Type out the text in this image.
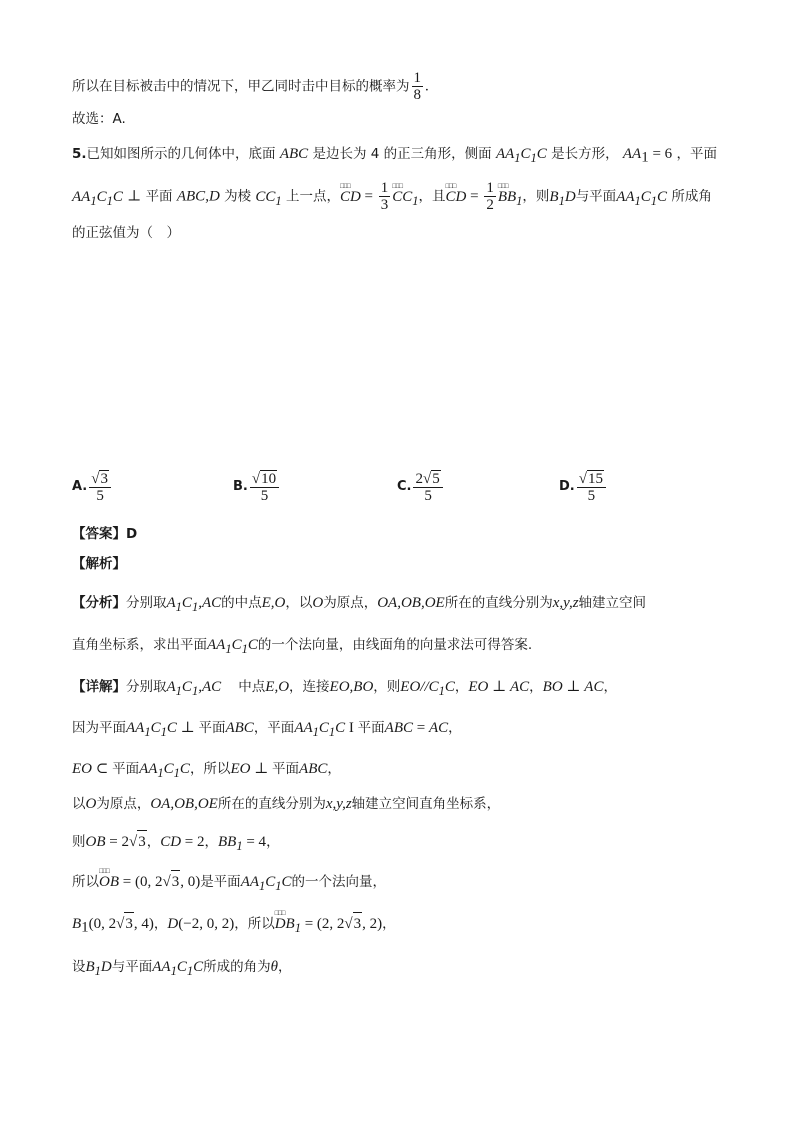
所以在目标被击中的情况下，甲乙同时击中目标的概率为 $\frac{1}{8}$ .
故选：A.
5.已知如图所示的几何体中，底面 ABC 是边长为 4 的正三角形，侧面 $AA_1C_1C$ 是长方形， $AA_1 = 6$ ，平面
$AA_1C_1C$ ⊥ 平面 ABC,D 为棱 $CC_1$ 上一点，□□□ CD = $\frac{1}{3}$ □□□ $CC_1$，且□□□ CD = $\frac{1}{2}$ □□□ $BB_1$，则$B_1D$与平面$AA_1C_1C$ 所成角
的正弦值为（　）
A. $\frac{√3}{5}$	B. $\frac{√10}{5}$	C. $\frac{2√5}{5}$	D. $\frac{√15}{5}$
【答案】D
【解析】
【分析】分别取$A_1C_1,AC$的中点E,O，以O为原点，OA,OB,OE所在的直线分别为x,y,z轴建立空间
直角坐标系，求出平面$AA_1C_1C$的一个法向量，由线面角的向量求法可得答案.
【详解】分别取$A_1C_1,AC$ 中点E,O，连接EO,BO，则$EO//C_1C$，EO ⊥ AC，BO ⊥ AC，
因为平面$AA_1C_1C$ ⊥ 平面ABC，平面$AA_1C_1C$ I 平面ABC = AC，
EO ⊂ 平面$AA_1C_1C$，所以EO ⊥ 平面ABC，
以O为原点，OA,OB,OE所在的直线分别为x,y,z轴建立空间直角坐标系，
则OB = 2√3，CD = 2，$BB_1 = 4$，
所以□□□ OB = (0, 2√3, 0)是平面$AA_1C_1C$的一个法向量，
$B_1(0$, 2√3, 4)，D(−2, 0, 2)，所以□□□ $DB_1 = (2$, 2√3, 2)，
设$B_1D$与平面$AA_1C_1C$所成的角为θ，
